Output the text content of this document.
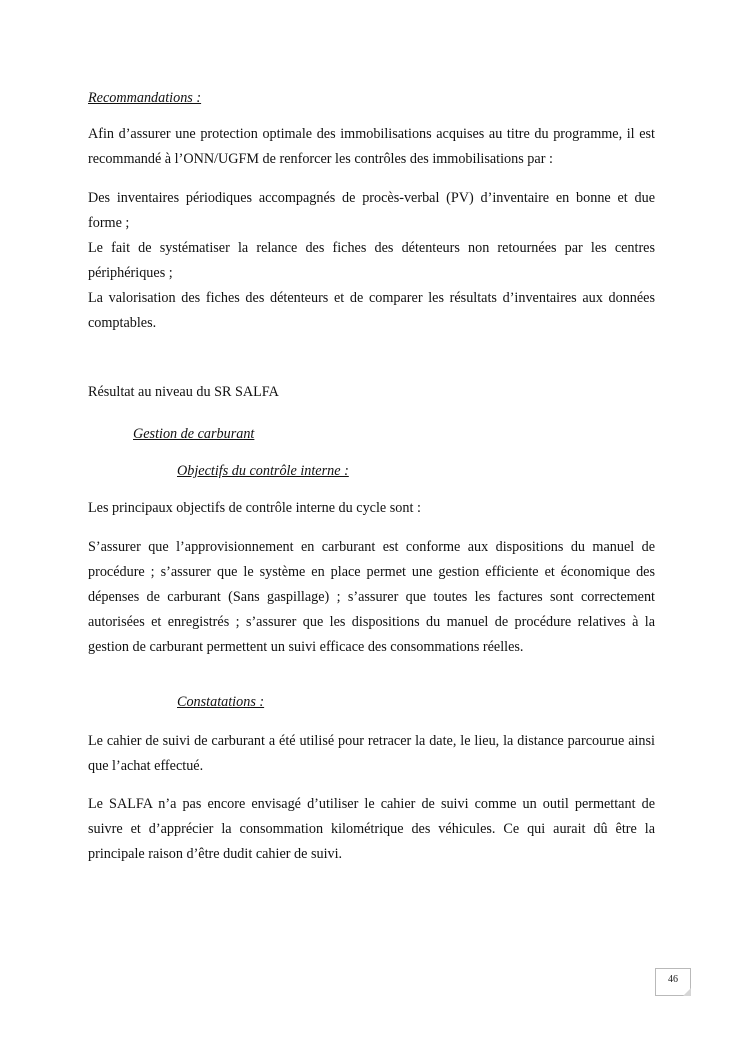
Recommandations :

Afin d’assurer une protection optimale des immobilisations acquises au titre du programme, il est recommandé à l’ONN/UGFM de renforcer les contrôles des immobilisations par :

Des inventaires périodiques accompagnés de procès-verbal (PV) d’inventaire en bonne et due forme ;

Le fait de systématiser la relance des fiches des détenteurs non retournées par les centres périphériques ;

La valorisation des fiches des détenteurs et de comparer les résultats d’inventaires aux données comptables.

Résultat au niveau du SR SALFA

Gestion de carburant

Objectifs du contrôle interne :

Les principaux objectifs de contrôle interne du cycle sont :

S’assurer que l’approvisionnement en carburant est conforme aux dispositions du manuel de procédure ; s’assurer que le système en place permet une gestion efficiente et économique des dépenses de carburant (Sans gaspillage) ; s’assurer que toutes les factures sont correctement autorisées et enregistrés ; s’assurer que les dispositions du manuel de procédure relatives à la gestion de carburant permettent un suivi efficace des consommations réelles.

Constatations :

Le cahier de suivi de carburant a été utilisé pour retracer la date, le lieu, la distance parcourue ainsi que l’achat effectué.

Le SALFA n’a pas encore envisagé d’utiliser le cahier de suivi comme un outil permettant de suivre et d’apprécier la consommation kilométrique des véhicules. Ce qui aurait dû être la principale raison d’être dudit cahier de suivi.

46
